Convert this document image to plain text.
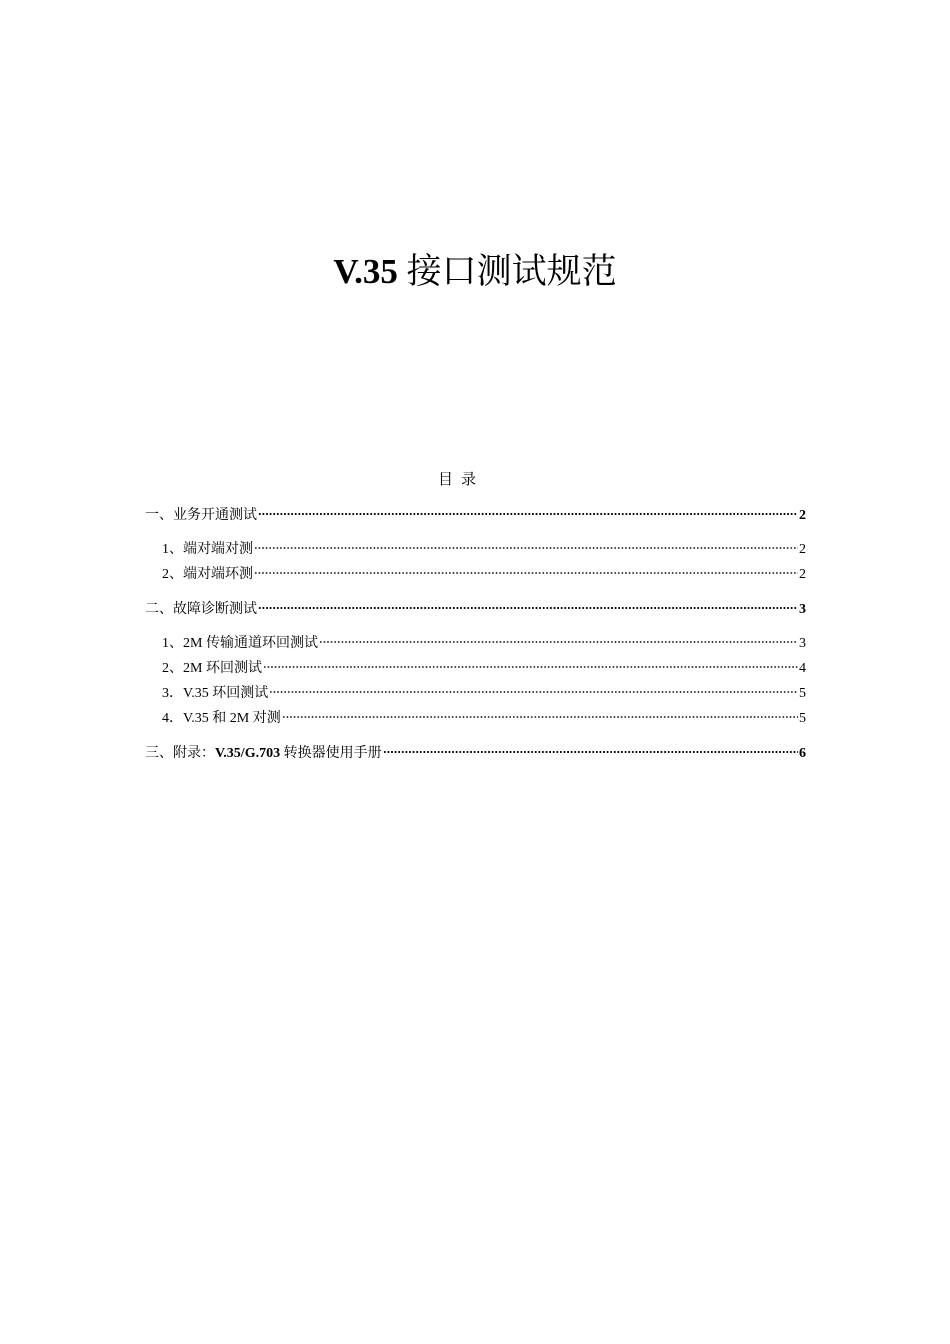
V.35 接口测试规范
目录
一、业务开通测试	2
1、端对端对测	2
2、端对端环测	2
二、故障诊断测试	3
1、2M 传输通道环回测试	3
2、2M 环回测试	4
3．V.35 环回测试	5
4．V.35 和 2M 对测	5
三、附录：V.35/G.703 转换器使用手册	6
